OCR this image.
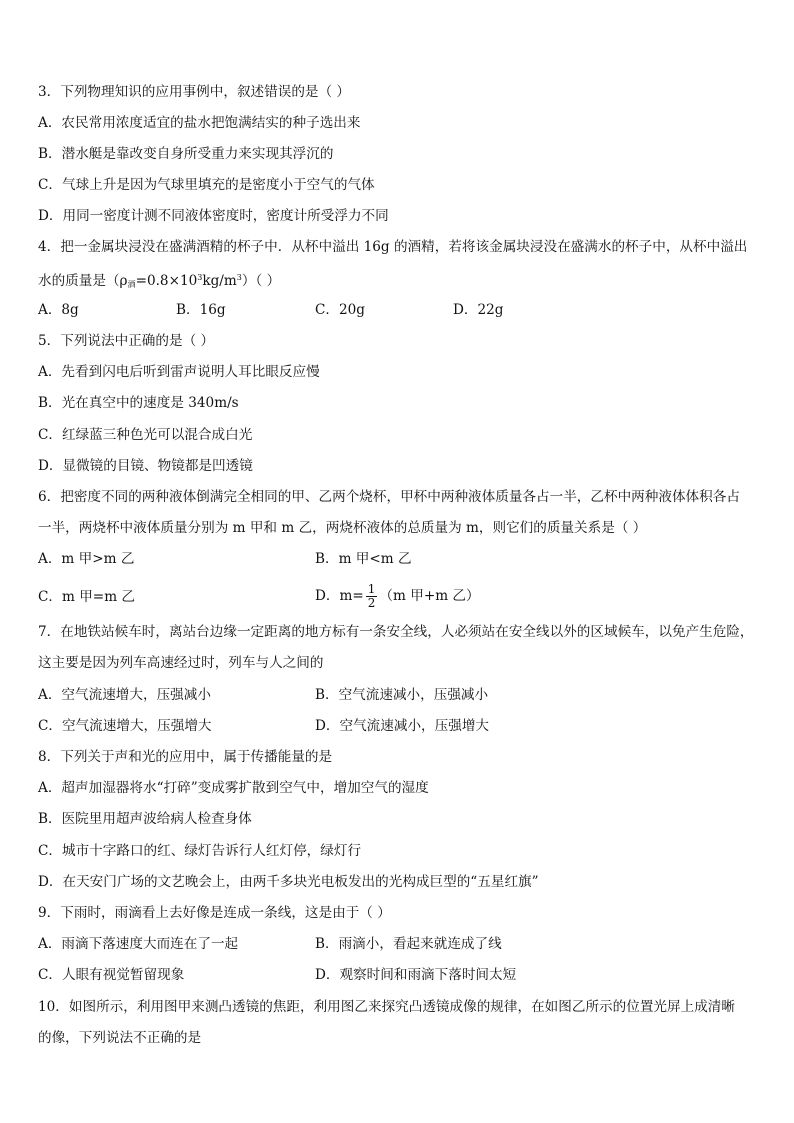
3．下列物理知识的应用事例中，叙述错误的是（ ）
A．农民常用浓度适宜的盐水把饱满结实的种子选出来
B．潜水艇是靠改变自身所受重力来实现其浮沉的
C．气球上升是因为气球里填充的是密度小于空气的气体
D．用同一密度计测不同液体密度时，密度计所受浮力不同
4．把一金属块浸没在盛满酒精的杯子中．从杯中溢出 16g 的酒精，若将该金属块浸没在盛满水的杯子中，从杯中溢出
水的质量是$(\rho_酒=0.8\times 10^3kg/m^3)$（ ）
A．8g	B．16g	C．20g	D．22g
5．下列说法中正确的是（ ）
A．先看到闪电后听到雷声说明人耳比眼反应慢
B．光在真空中的速度是 340m/s
C．红绿蓝三种色光可以混合成白光
D．显微镜的目镜、物镜都是凹透镜
6．把密度不同的两种液体倒满完全相同的甲、乙两个烧杯，甲杯中两种液体质量各占一半，乙杯中两种液体体积各占
一半，两烧杯中液体质量分别为 m 甲和 m 乙，两烧杯液体的总质量为 m，则它们的质量关系是（ ）
A．m 甲>m 乙	B．m 甲<m 乙
C．m 甲=m 乙	D．$m= \frac{1}{2} (m$ 甲+m 乙）
7．在地铁站候车时，离站台边缘一定距离的地方标有一条安全线，人必须站在安全线以外的区域候车，以免产生危险，
这主要是因为列车高速经过时，列车与人之间的
A．空气流速增大，压强减小	B．空气流速减小，压强减小
C．空气流速增大，压强增大	D．空气流速减小，压强增大
8．下列关于声和光的应用中，属于传播能量的是
A．超声加湿器将水“打碎”变成雾扩散到空气中，增加空气的湿度
B．医院里用超声波给病人检查身体
C．城市十字路口的红、绿灯告诉行人红灯停，绿灯行
D．在天安门广场的文艺晚会上，由两千多块光电板发出的光构成巨型的“五星红旗”
9．下雨时，雨滴看上去好像是连成一条线，这是由于（ ）
A．雨滴下落速度大而连在了一起	B．雨滴小，看起来就连成了线
C．人眼有视觉暂留现象	D．观察时间和雨滴下落时间太短
10．如图所示，利用图甲来测凸透镜的焦距，利用图乙来探究凸透镜成像的规律，在如图乙所示的位置光屏上成清晰
的像，下列说法不正确的是
